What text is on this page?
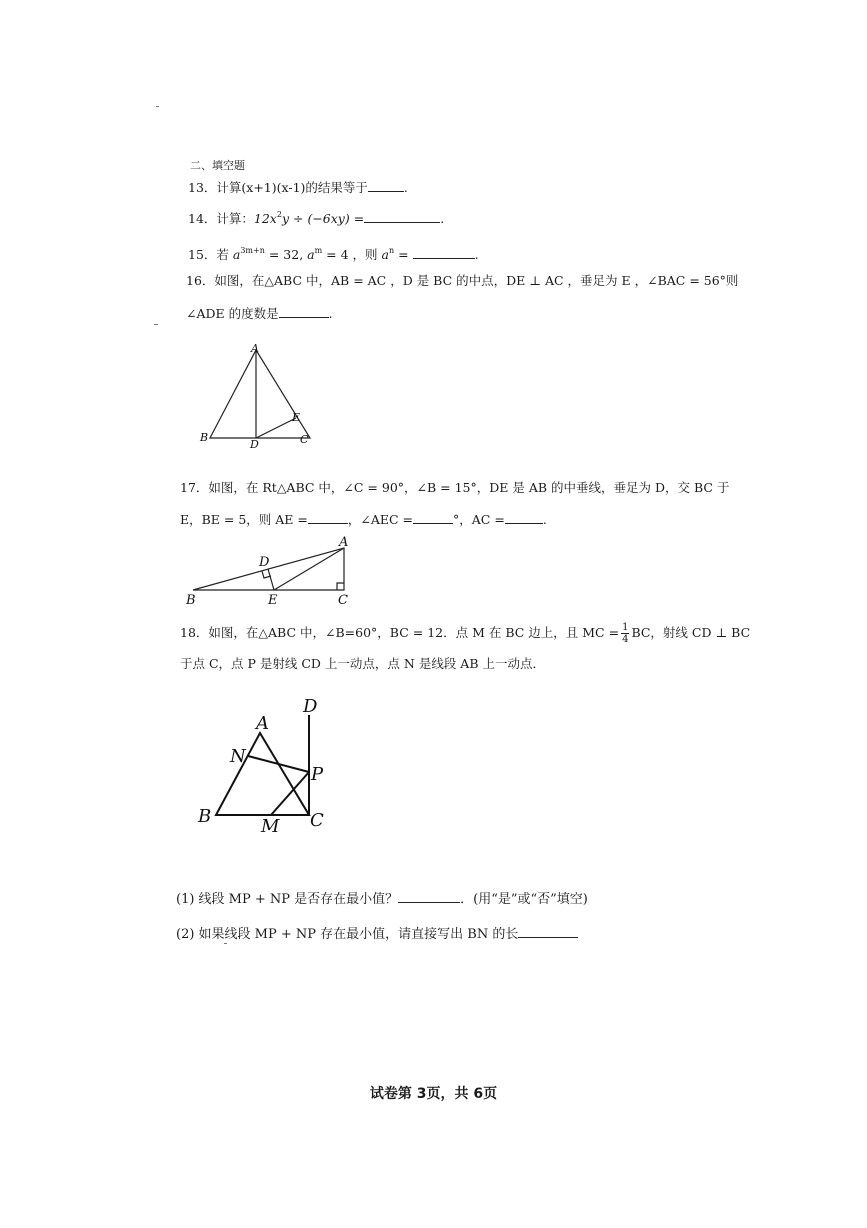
二、填空题
13．计算(x+1)(x-1)的结果等于	.
14．计算：$12x^2y \div (-6xy)$ =	.
15．若 $a^{3m+n} = 32$, $a^m = 4$ ，则 $a^n$ =	.
16．如图，在△ABC 中，AB = AC ，D 是 BC 的中点，DE ⊥ AC ，垂足为 E ，∠BAC = 56°则
∠ADE 的度数是	.
17．如图，在 Rt△ABC 中，∠C = 90°，∠B = 15°，DE 是 AB 的中垂线，垂足为 D，交 BC 于
E，BE = 5，则 AE =	，∠AEC =	°，AC =	.
18．如图，在△ABC 中，∠B=60°，BC = 12．点 M 在 BC 边上，且 MC = $\frac{1}{4}$ BC，射线 CD ⊥ BC
于点 C，点 P 是射线 CD 上一动点，点 N 是线段 AB 上一动点．
(1) 线段 MP + NP 是否存在最小值？	．(用“是”或“否”填空)
(2) 如果线段 MP + NP 存在最小值，请直接写出 BN 的长
试卷第 3页，共 6页
A
B	C
D
E
A
B	C
D
E
A
B	C
D
M
N
P
